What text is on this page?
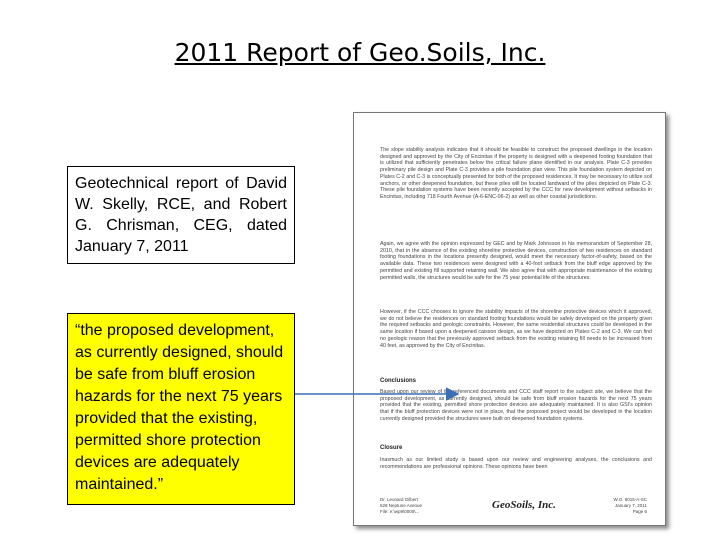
2011 Report of Geo.Soils, Inc.
Geotechnical report of David W. Skelly, RCE, and Robert G. Chrisman, CEG, dated January 7, 2011
“the proposed development, as currently designed, should be safe from bluff erosion hazards for the next 75 years provided that the existing, permitted shore protection devices are adequately maintained.”

The slope stability analysis indicates that it should be feasible to construct the proposed dwellings in the location designed and approved by the City of Encinitas if the property is designed with a deepened footing foundation that is utilized that sufficiently penetrates below the critical failure plane identified in our analysis. Plate C-3 provides preliminary pile design and Plate C-3 provides a pile foundation plan view. This pile foundation system depicted on Plates C-2 and C-3 is conceptually presented for both of the proposed residences. It may be necessary to utilize soil anchors, or other deepened foundation, but these piles will be located landward of the piles depicted on Plate C-3. These pile foundation systems have been recently accepted by the CCC for new development without setbacks in Encinitas, including 718 Fourth Avenue (A-6-ENC-06-2) as well as other coastal jurisdictions.

Again, we agree with the opinion expressed by GEC and by Mark Johnsson in his memorandum of September 28, 2010, that in the absence of the existing shoreline protective devices, construction of two residences on standard footing foundations in the locations presently designed, would meet the necessary factor-of-safety, based on the available data. These two residences were designed with a 40-foot setback from the bluff edge approved by the permitted and existing fill supported retaining wall. We also agree that with appropriate maintenance of the existing permitted walls, the structures would be safe for the 75 year potential life of the structures.

However, if the CCC chooses to ignore the stability impacts of the shoreline protective devices which it approved, we do not believe the residences on standard footing foundations would be safely developed on the property given the required setbacks and geologic constraints. However, the same residential structures could be developed in the same location if based upon a deepened caisson design, as we have depicted on Plates C-2 and C-3. We can find no geologic reason that the previously approved setback from the existing retaining fill needs to be increased from 40 feet, as approved by the City of Encinitas.

Conclusions

Based upon our review of the referenced documents and CCC staff report to the subject site, we believe that the proposed development, as currently designed, should be safe from bluff erosion hazards for the next 75 years provided that the existing, permitted shore protection devices are adequately maintained. It is also GSI's opinion that if the bluff protection devices were not in place, that the proposed project would be developed in the location currently designed provided the structures were built on deepened foundation systems.

Closure

Inasmuch as our limited study is based upon our review and engineering analyses, the conclusions and recommendations are professional opinions. These opinions have been

Dr. Leonard Gilbert
528 Neptune Avenue
File: e:\wp9\0000\...
GeoSoils, Inc.	W.O. 6015-A-SC
January 7, 2011
Page 6
